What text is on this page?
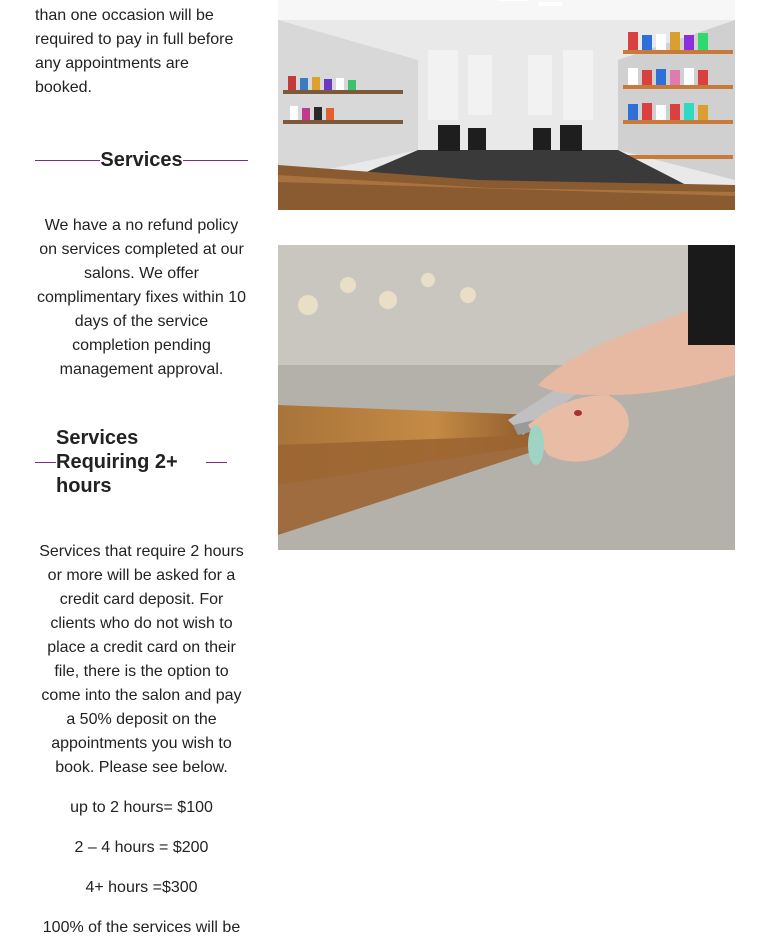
than one occasion will be required to pay in full before any appointments are booked.
Services

We have a no refund policy on services completed at our salons. We offer complimentary fixes within 10 days of the service completion pending management approval.

Services Requiring 2+ hours

Services that require 2 hours or more will be asked for a credit card deposit. For clients who do not wish to place a credit card on their file, there is the option to come into the salon and pay a 50% deposit on the appointments you wish to book. Please see below.

up to 2 hours= $100

2 – 4 hours = $200

4+ hours =$300

100% of the services will be
